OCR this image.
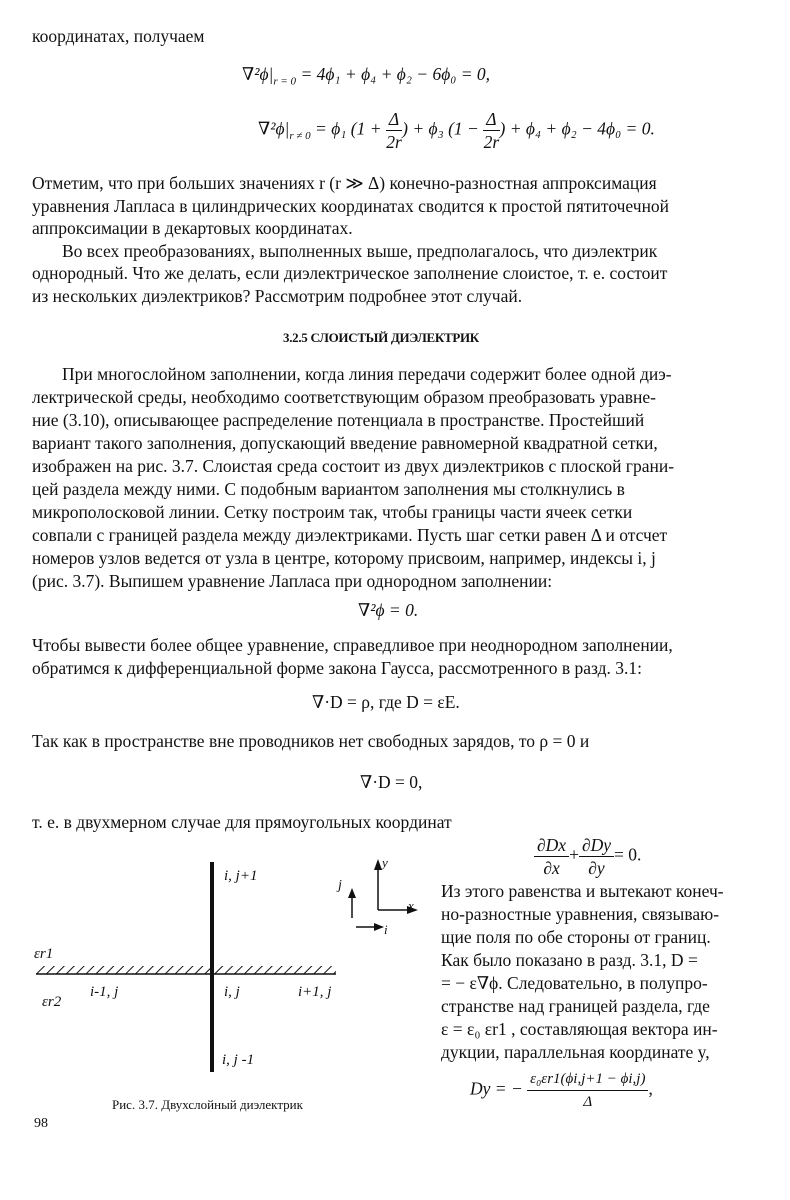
координатах, получаем
$\nabla^2\phi|_{r = 0} = 4\phi_1 + \phi_4 + \phi_2 - 6\phi_0 = 0$,
$\nabla^2\phi|_{r \ne 0} = \phi_1$ ($1 + \frac{\Delta}{2r}$ ) + ϕ₃ ($1 - \frac{\Delta}{2r}$ ) + ϕ₄ + ϕ₂ − 4ϕ₀ = 0.
Отметим, что при больших значениях r (r ≫ Δ) конечно-разностная аппроксимация
уравнения Лапласа в цилиндрических координатах сводится к простой пятиточечной
аппроксимации в декартовых координатах.
Во всех преобразованиях, выполненных выше, предполагалось, что диэлектрик
однородный. Что же делать, если диэлектрическое заполнение слоистое, т. е. состоит
из нескольких диэлектриков? Рассмотрим подробнее этот случай.
3.2.5 СЛОИСТЫЙ ДИЭЛЕКТРИК
При многослойном заполнении, когда линия передачи содержит более одной диэ-
лектрической среды, необходимо соответствующим образом преобразовать уравне-
ние (3.10), описывающее распределение потенциала в пространстве. Простейший
вариант такого заполнения, допускающий введение равномерной квадратной сетки,
изображен на рис. 3.7. Слоистая среда состоит из двух диэлектриков с плоской грани-
цей раздела между ними. С подобным вариантом заполнения мы столкнулись в
микрополосковой линии. Сетку построим так, чтобы границы части ячеек сетки
совпали с границей раздела между диэлектриками. Пусть шаг сетки равен Δ и отсчет
номеров узлов ведется от узла в центре, которому присвоим, например, индексы i, j
(рис. 3.7). Выпишем уравнение Лапласа при однородном заполнении:
∇²ϕ = 0.
Чтобы вывести более общее уравнение, справедливое при неоднородном заполнении,
обратимся к дифференциальной форме закона Гаусса, рассмотренного в разд. 3.1:
∇·D = ρ, где D = εE.
Так как в пространстве вне проводников нет свободных зарядов, то ρ = 0 и
∇·D = 0,
т. е. в двухмерном случае для прямоугольных координат
$\frac{\partial Dx}{\partial x} + \frac{\partial Dy}{\partial y} = 0$.
Из этого равенства и вытекают конеч-
но-разностные уравнения, связываю-
щие поля по обе стороны от границ.
Как было показано в разд. 3.1, D =
= − ε∇ϕ. Следовательно, в полупро-
странстве над границей раздела, где
ε = ε₀ εr1 , составляющая вектора ин-
дукции, параллельная координате y,
Dy = − $\frac{\text{ε₀εr1(ϕi,j+1 − ϕi,j)}}{\Delta}$ ,
i, j+1
i-1, j	i, j	i+1, j
i, j -1
εr1
εr2
y
x
j
i
Рис. 3.7. Двухслойный диэлектрик
98
